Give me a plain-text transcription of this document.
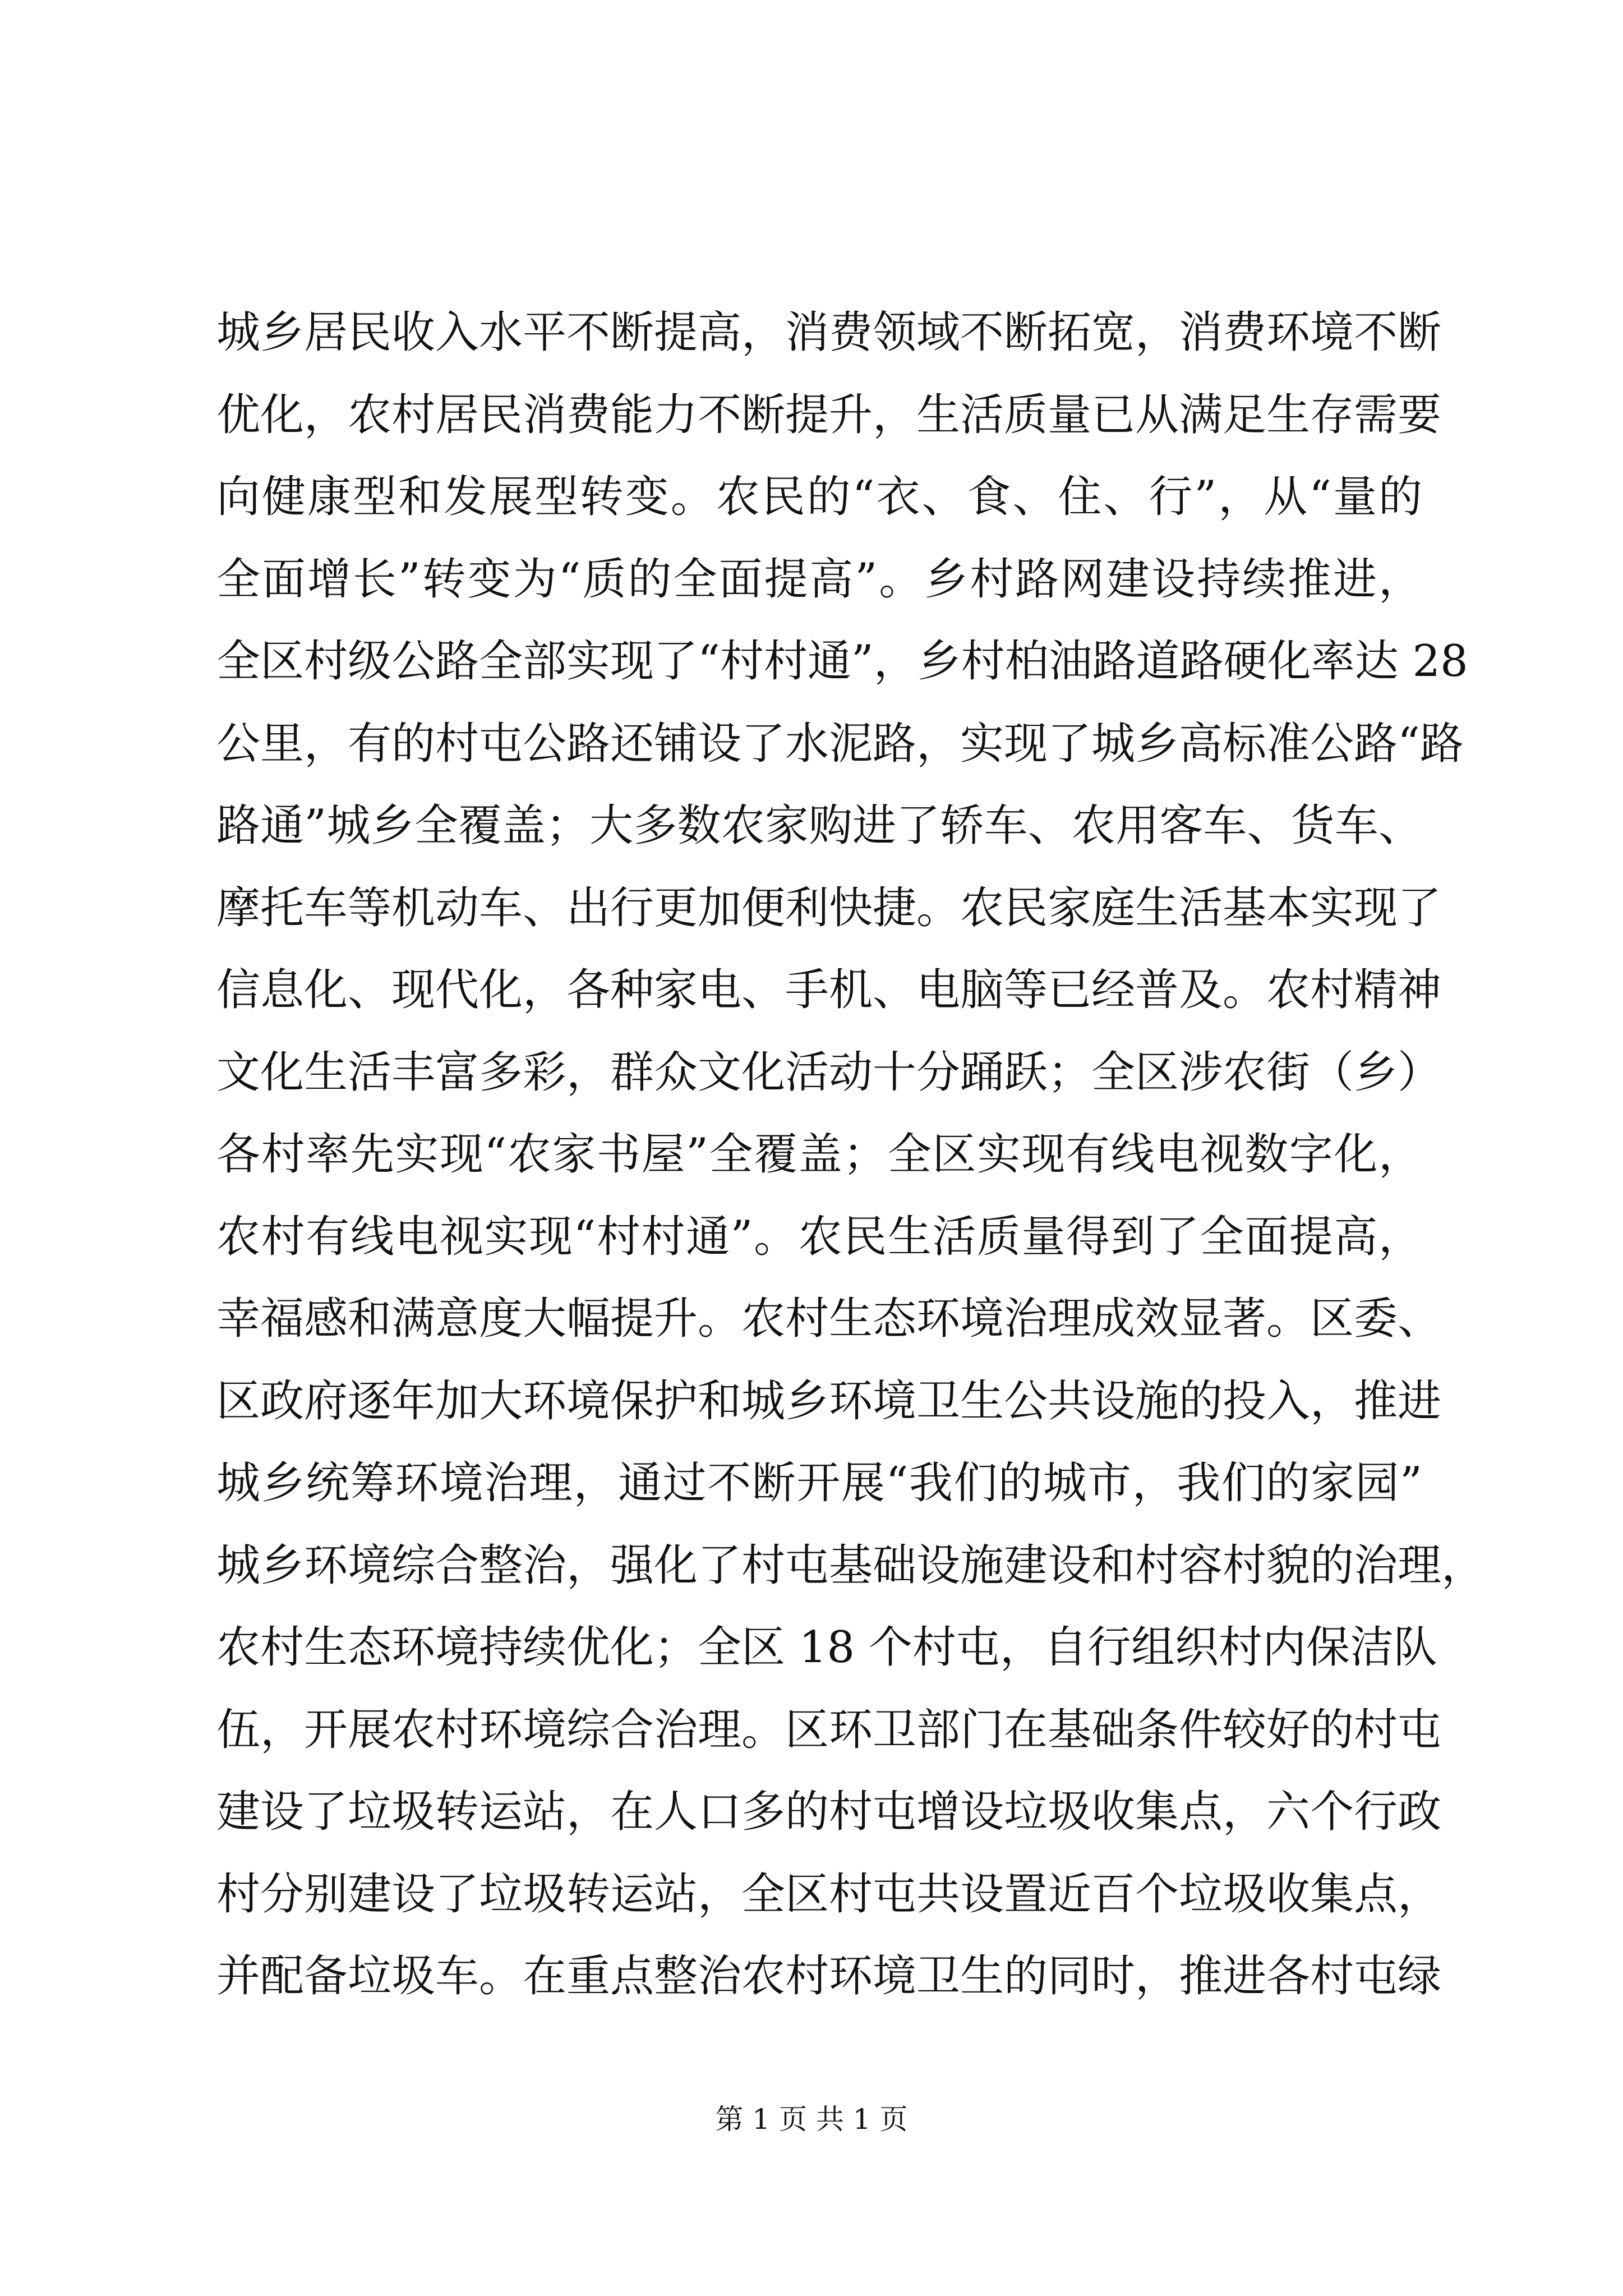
城乡居民收入水平不断提高，消费领域不断拓宽，消费环境不断
优化，农村居民消费能力不断提升，生活质量已从满足生存需要
向健康型和发展型转变。农民的“衣、食、住、行”，从“量的
全面增长”转变为“质的全面提高”。乡村路网建设持续推进，
全区村级公路全部实现了“村村通”，乡村柏油路道路硬化率达 28
公里，有的村屯公路还铺设了水泥路，实现了城乡高标准公路“路
路通”城乡全覆盖；大多数农家购进了轿车、农用客车、货车、
摩托车等机动车、出行更加便利快捷。农民家庭生活基本实现了
信息化、现代化，各种家电、手机、电脑等已经普及。农村精神
文化生活丰富多彩，群众文化活动十分踊跃；全区涉农街（乡）
各村率先实现“农家书屋”全覆盖；全区实现有线电视数字化，
农村有线电视实现“村村通”。农民生活质量得到了全面提高，
幸福感和满意度大幅提升。农村生态环境治理成效显著。区委、
区政府逐年加大环境保护和城乡环境卫生公共设施的投入，推进
城乡统筹环境治理，通过不断开展“我们的城市，我们的家园”
城乡环境综合整治，强化了村屯基础设施建设和村容村貌的治理，
农村生态环境持续优化；全区 18 个村屯，自行组织村内保洁队
伍，开展农村环境综合治理。区环卫部门在基础条件较好的村屯
建设了垃圾转运站，在人口多的村屯增设垃圾收集点，六个行政
村分别建设了垃圾转运站，全区村屯共设置近百个垃圾收集点，
并配备垃圾车。在重点整治农村环境卫生的同时，推进各村屯绿
第 1 页 共 1 页
